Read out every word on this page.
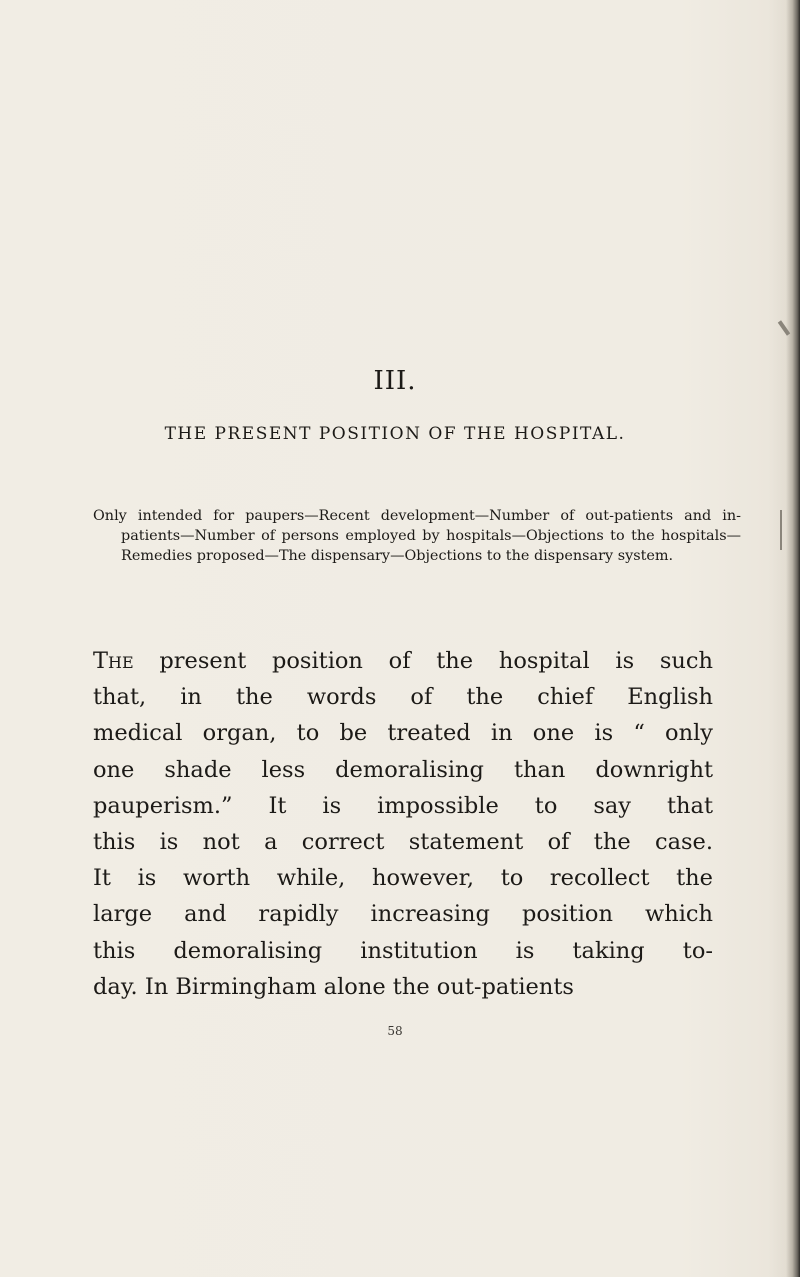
III.
THE PRESENT POSITION OF THE HOSPITAL.

Only intended for paupers—Recent development—Number of out-patients and in-patients—Number of persons employed by hospitals—Objections to the hospitals—Remedies proposed—The dispensary—Objections to the dispensary system.

The present position of the hospital is such
that, in the words of the chief English
medical organ, to be treated in one is “ only
one shade less demoralising than downright
pauperism.” It is impossible to say that
this is not a correct statement of the case.
It is worth while, however, to recollect the
large and rapidly increasing position which
this demoralising institution is taking to-
day. In Birmingham alone the out-patients
58
